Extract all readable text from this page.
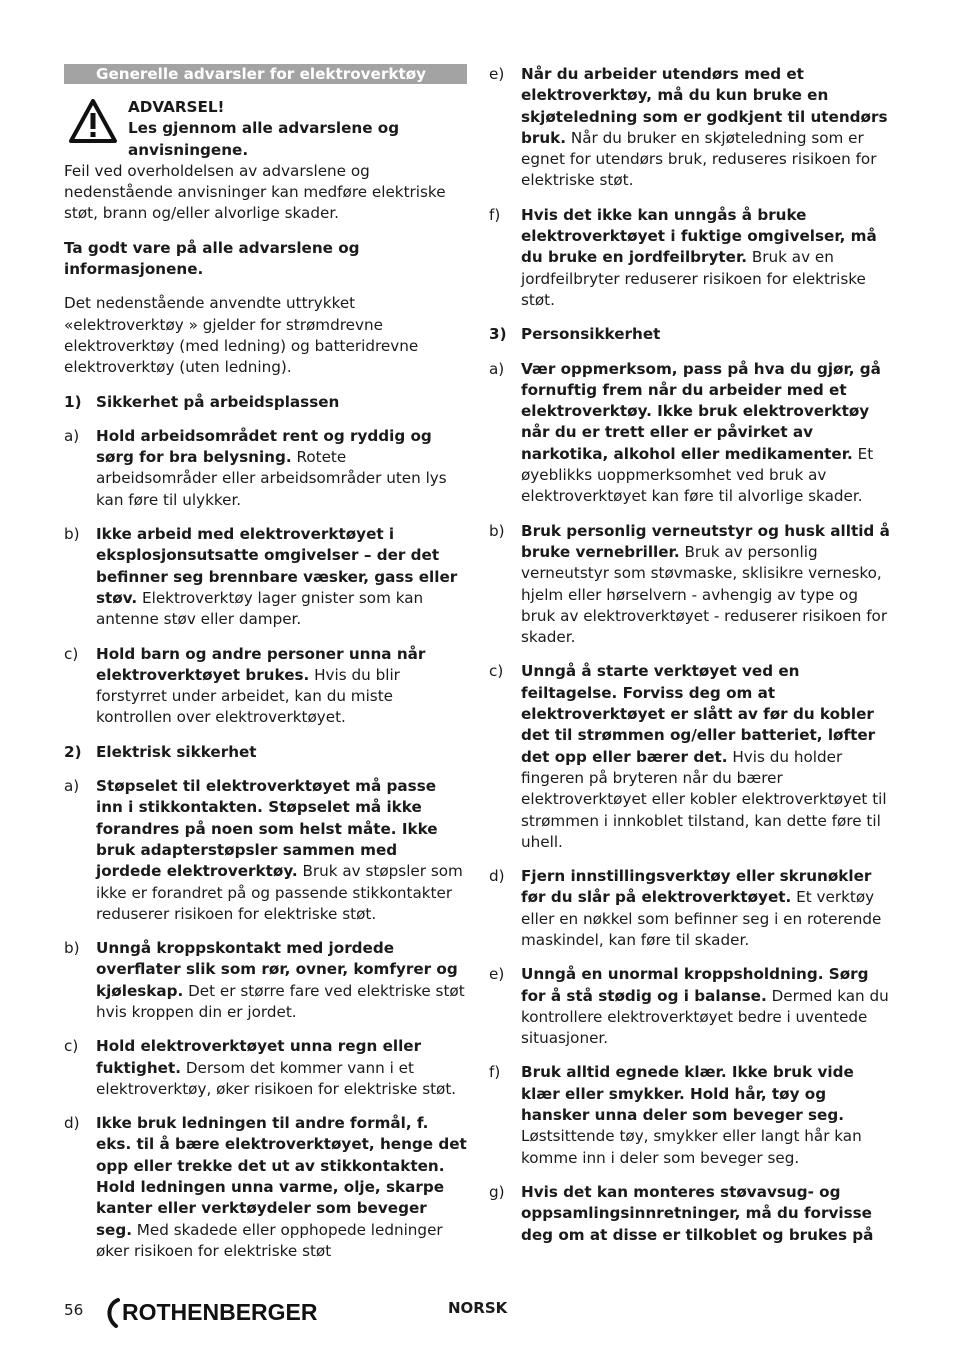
Generelle advarsler for elektroverktøy

ADVARSEL!

Les gjennom alle advarslene og anvisningene.

Feil ved overholdelsen av advarslene og nedenstående anvisninger kan medføre elektriske støt, brann og/eller alvorlige skader.

Ta godt vare på alle advarslene og informasjonene.

Det nedenstående anvendte uttrykket «elektroverktøy » gjelder for strømdrevne elektroverktøy (med ledning) og batteridrevne elektroverktøy (uten ledning).

1) Sikkerhet på arbeidsplassen
a)	Hold arbeidsområdet rent og ryddig og sørg for bra belysning. Rotete arbeidsområder eller arbeidsområder uten lys kan føre til ulykker.
b)	Ikke arbeid med elektroverktøyet i eksplosjonsutsatte omgivelser – der det befinner seg brennbare væsker, gass eller støv. Elektroverktøy lager gnister som kan antenne støv eller damper.
c)	Hold barn og andre personer unna når elektroverktøyet brukes. Hvis du blir forstyrret under arbeidet, kan du miste kontrollen over elektroverktøyet.
2) Elektrisk sikkerhet
a)	Støpselet til elektroverktøyet må passe inn i stikkontakten. Støpselet må ikke forandres på noen som helst måte. Ikke bruk adapterstøpsler sammen med jordede elektroverktøy. Bruk av støpsler som ikke er forandret på og passende stikkontakter reduserer risikoen for elektriske støt.
b)	Unngå kroppskontakt med jordede overflater slik som rør, ovner, komfyrer og kjøleskap. Det er større fare ved elektriske støt hvis kroppen din er jordet.
c)	Hold elektroverktøyet unna regn eller fuktighet. Dersom det kommer vann i et elektroverktøy, øker risikoen for elektriske støt.
d)	Ikke bruk ledningen til andre formål, f. eks. til å bære elektroverktøyet, henge det opp eller trekke det ut av stikkontakten. Hold ledningen unna varme, olje, skarpe kanter eller verktøydeler som beveger seg. Med skadede eller opphopede ledninger øker risikoen for elektriske støt
e)	Når du arbeider utendørs med et elektroverktøy, må du kun bruke en skjøteledning som er godkjent til utendørs bruk. Når du bruker en skjøteledning som er egnet for utendørs bruk, reduseres risikoen for elektriske støt.
f)	Hvis det ikke kan unngås å bruke elektroverktøyet i fuktige omgivelser, må du bruke en jordfeilbryter. Bruk av en jordfeilbryter reduserer risikoen for elektriske støt.
3) Personsikkerhet
a)	Vær oppmerksom, pass på hva du gjør, gå fornuftig frem når du arbeider med et elektroverktøy. Ikke bruk elektroverktøy når du er trett eller er påvirket av narkotika, alkohol eller medikamenter. Et øyeblikks uoppmerksomhet ved bruk av elektroverktøyet kan føre til alvorlige skader.
b)	Bruk personlig verneutstyr og husk alltid å bruke vernebriller. Bruk av personlig verneutstyr som støvmaske, sklisikre vernesko, hjelm eller hørselvern - avhengig av type og bruk av elektroverktøyet - reduserer risikoen for skader.
c)	Unngå å starte verktøyet ved en feiltagelse. Forviss deg om at elektroverktøyet er slått av før du kobler det til strømmen og/eller batteriet, løfter det opp eller bærer det. Hvis du holder fingeren på bryteren når du bærer elektroverktøyet eller kobler elektroverktøyet til strømmen i innkoblet tilstand, kan dette føre til uhell.
d)	Fjern innstillingsverktøy eller skrunøkler før du slår på elektroverktøyet. Et verktøy eller en nøkkel som befinner seg i en roterende maskindel, kan føre til skader.
e)	Unngå en unormal kroppsholdning. Sørg for å stå stødig og i balanse. Dermed kan du kontrollere elektroverktøyet bedre i uventede situasjoner.
f)	Bruk alltid egnede klær. Ikke bruk vide klær eller smykker. Hold hår, tøy og hansker unna deler som beveger seg. Løstsittende tøy, smykker eller langt hår kan komme inn i deler som beveger seg.
g)	Hvis det kan monteres støvavsug- og oppsamlingsinnretninger, må du forvisse deg om at disse er tilkoblet og brukes på
56 ROTHENBERGER	NORSK
